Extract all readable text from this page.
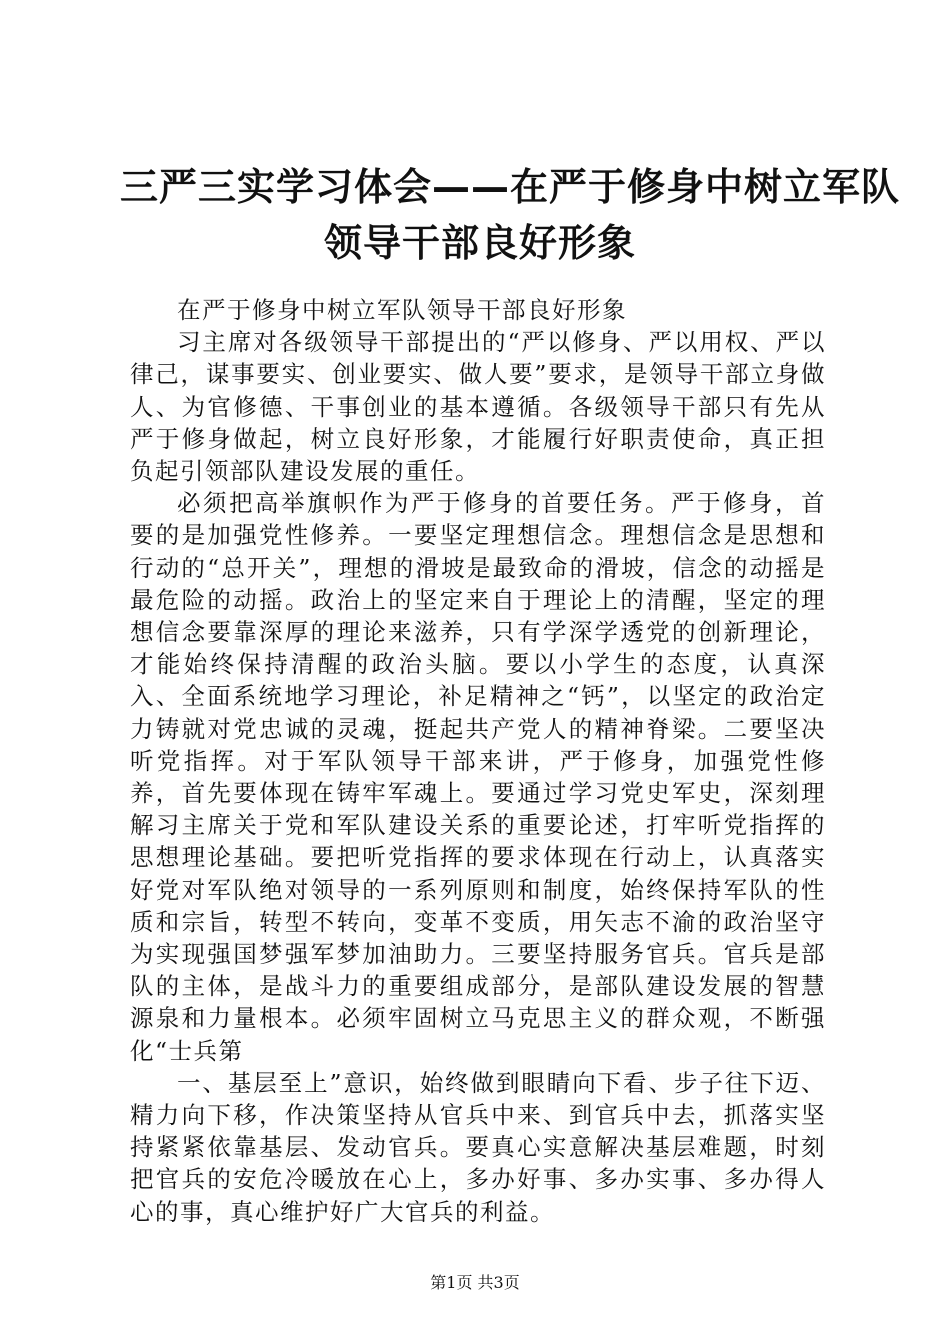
三严三实学习体会——在严于修身中树立军队
领导干部良好形象

在严于修身中树立军队领导干部良好形象

习主席对各级领导干部提出的“严以修身、严以用权、严以律己，谋事要实、创业要实、做人要”要求，是领导干部立身做人、为官修德、干事创业的基本遵循。各级领导干部只有先从严于修身做起，树立良好形象，才能履行好职责使命，真正担负起引领部队建设发展的重任。

必须把高举旗帜作为严于修身的首要任务。严于修身，首要的是加强党性修养。一要坚定理想信念。理想信念是思想和行动的“总开关”，理想的滑坡是最致命的滑坡，信念的动摇是最危险的动摇。政治上的坚定来自于理论上的清醒，坚定的理想信念要靠深厚的理论来滋养，只有学深学透党的创新理论，才能始终保持清醒的政治头脑。要以小学生的态度，认真深入、全面系统地学习理论，补足精神之“钙”，以坚定的政治定力铸就对党忠诚的灵魂，挺起共产党人的精神脊梁。二要坚决听党指挥。对于军队领导干部来讲，严于修身，加强党性修养，首先要体现在铸牢军魂上。要通过学习党史军史，深刻理解习主席关于党和军队建设关系的重要论述，打牢听党指挥的思想理论基础。要把听党指挥的要求体现在行动上，认真落实好党对军队绝对领导的一系列原则和制度，始终保持军队的性质和宗旨，转型不转向，变革不变质，用矢志不渝的政治坚守为实现强国梦强军梦加油助力。三要坚持服务官兵。官兵是部队的主体，是战斗力的重要组成部分，是部队建设发展的智慧源泉和力量根本。必须牢固树立马克思主义的群众观，不断强化“士兵第

一、基层至上”意识，始终做到眼睛向下看、步子往下迈、精力向下移，作决策坚持从官兵中来、到官兵中去，抓落实坚持紧紧依靠基层、发动官兵。要真心实意解决基层难题，时刻把官兵的安危冷暖放在心上，多办好事、多办实事、多办得人心的事，真心维护好广大官兵的利益。

第1页 共3页
